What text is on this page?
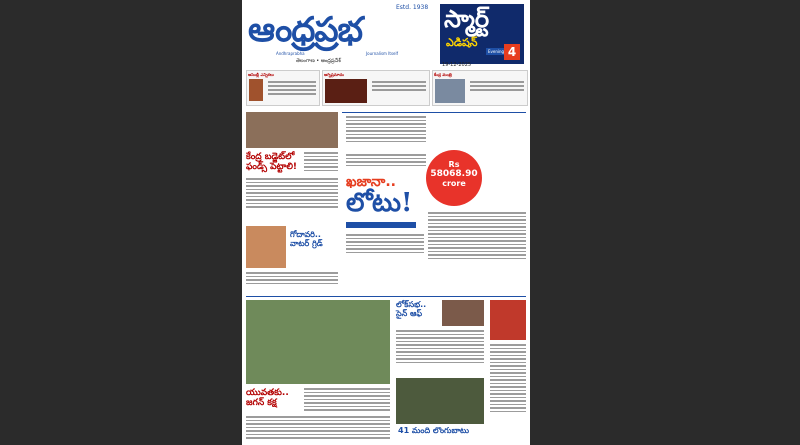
ఆంధ్రప్రభ
Estd. 1938
Andhraprabha	Journalism Itself
స్మార్ట్
ఎడిషన్
Evening 4
తెలంగాణ • ఆంధ్రప్రదేశ్
19-12-2025
అసెంబ్లీ ఎన్నికలు	అగ్నిప్రమాదం	కేంద్ర మంత్రి
కేంద్ర బడ్జెట్‌లో ఫండ్స్ పెట్టాలి!
గోదావరి.. వాటర్ గ్రిడ్
Rs
58068.90
crore
ఖజానా..
లోటు!
యువతకు.. జగన్ కక్ష
లోక్‌సభ.. సైన్ ఆఫ్
41 మంది లొంగుబాటు
